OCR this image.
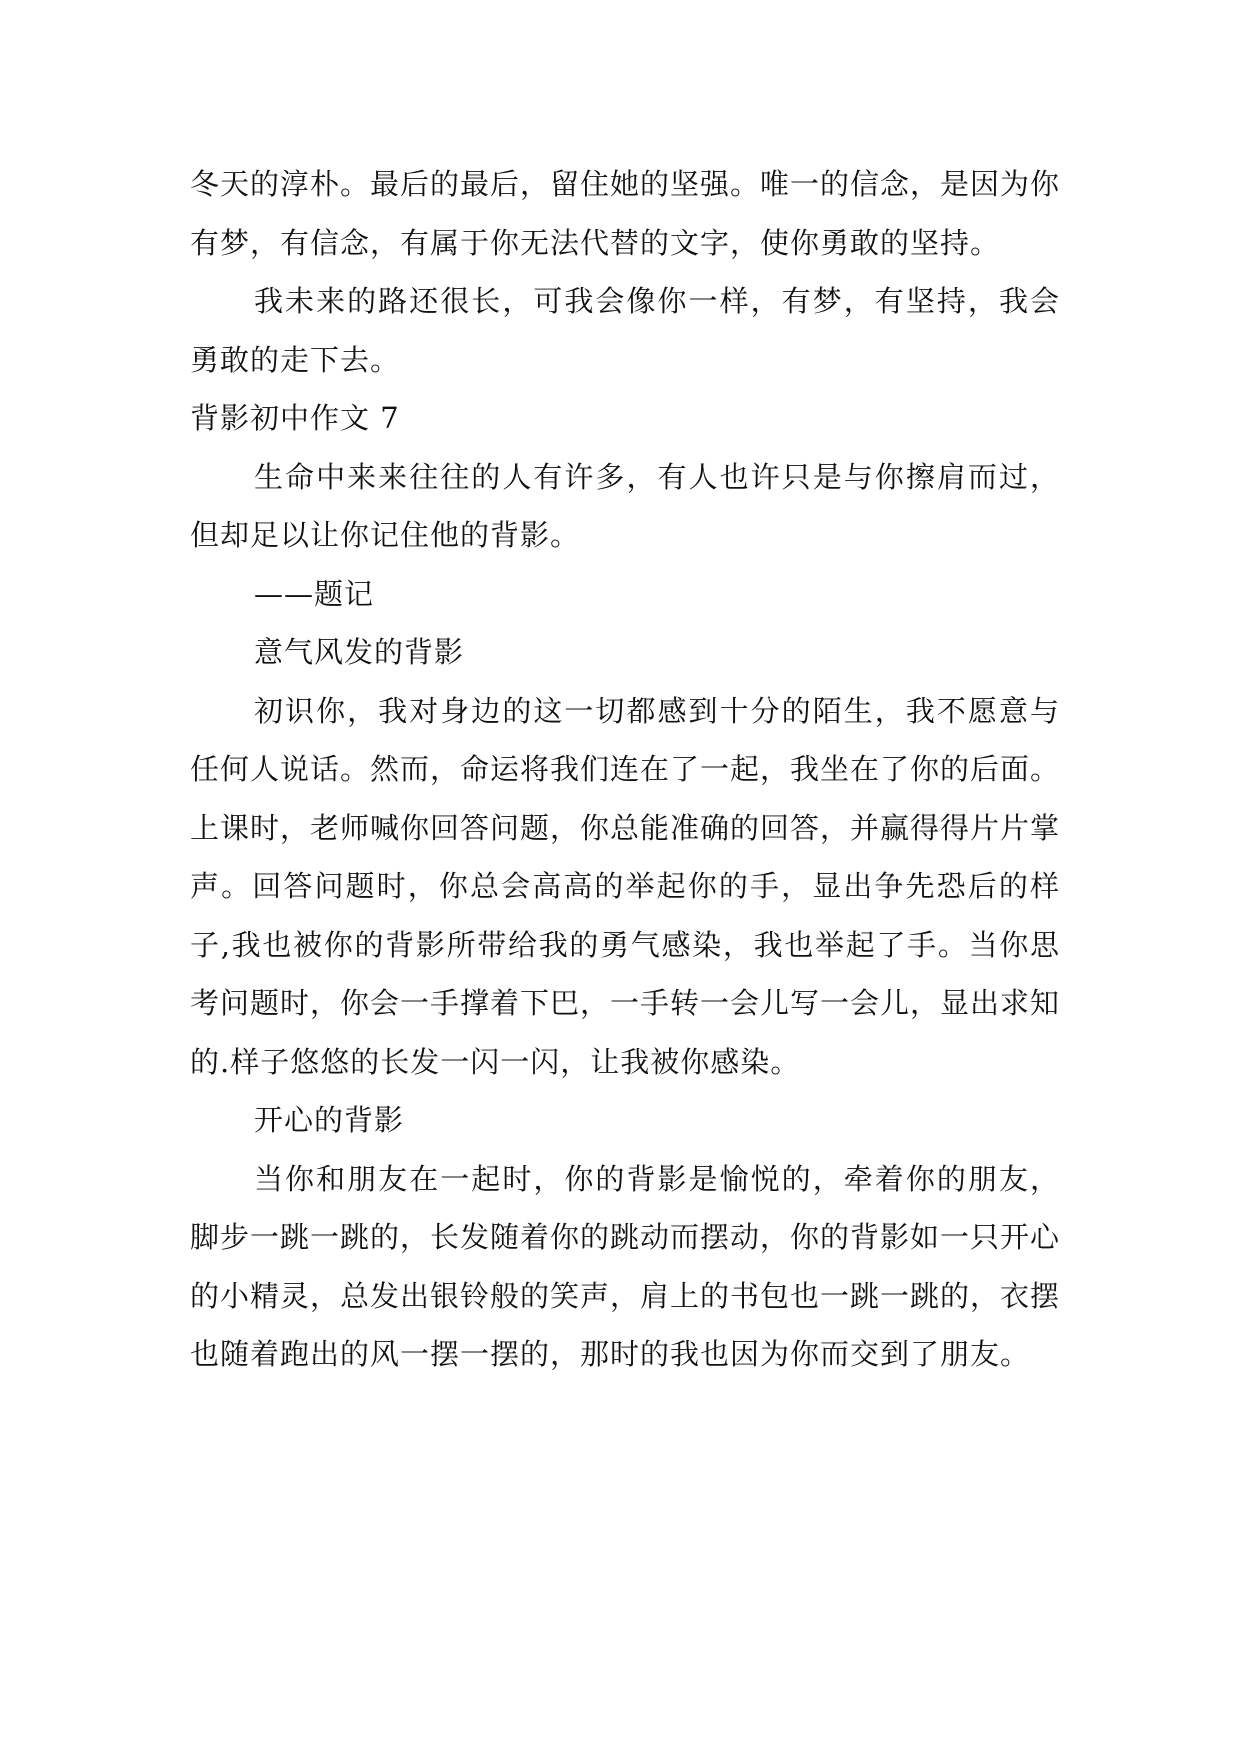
冬天的淳朴。最后的最后，留住她的坚强。唯一的信念，是因为你有梦，有信念，有属于你无法代替的文字，使你勇敢的坚持。

我未来的路还很长，可我会像你一样，有梦，有坚持，我会勇敢的走下去。

背影初中作文 7

生命中来来往往的人有许多，有人也许只是与你擦肩而过，但却足以让你记住他的背影。

——题记

意气风发的背影

初识你，我对身边的这一切都感到十分的陌生，我不愿意与任何人说话。然而，命运将我们连在了一起，我坐在了你的后面。上课时，老师喊你回答问题，你总能准确的回答，并赢得得片片掌声。回答问题时，你总会高高的举起你的手，显出争先恐后的样子,我也被你的背影所带给我的勇气感染，我也举起了手。当你思考问题时，你会一手撑着下巴，一手转一会儿写一会儿，显出求知的.样子悠悠的长发一闪一闪，让我被你感染。

开心的背影

当你和朋友在一起时，你的背影是愉悦的，牵着你的朋友，脚步一跳一跳的，长发随着你的跳动而摆动，你的背影如一只开心的小精灵，总发出银铃般的笑声，肩上的书包也一跳一跳的，衣摆也随着跑出的风一摆一摆的，那时的我也因为你而交到了朋友。
